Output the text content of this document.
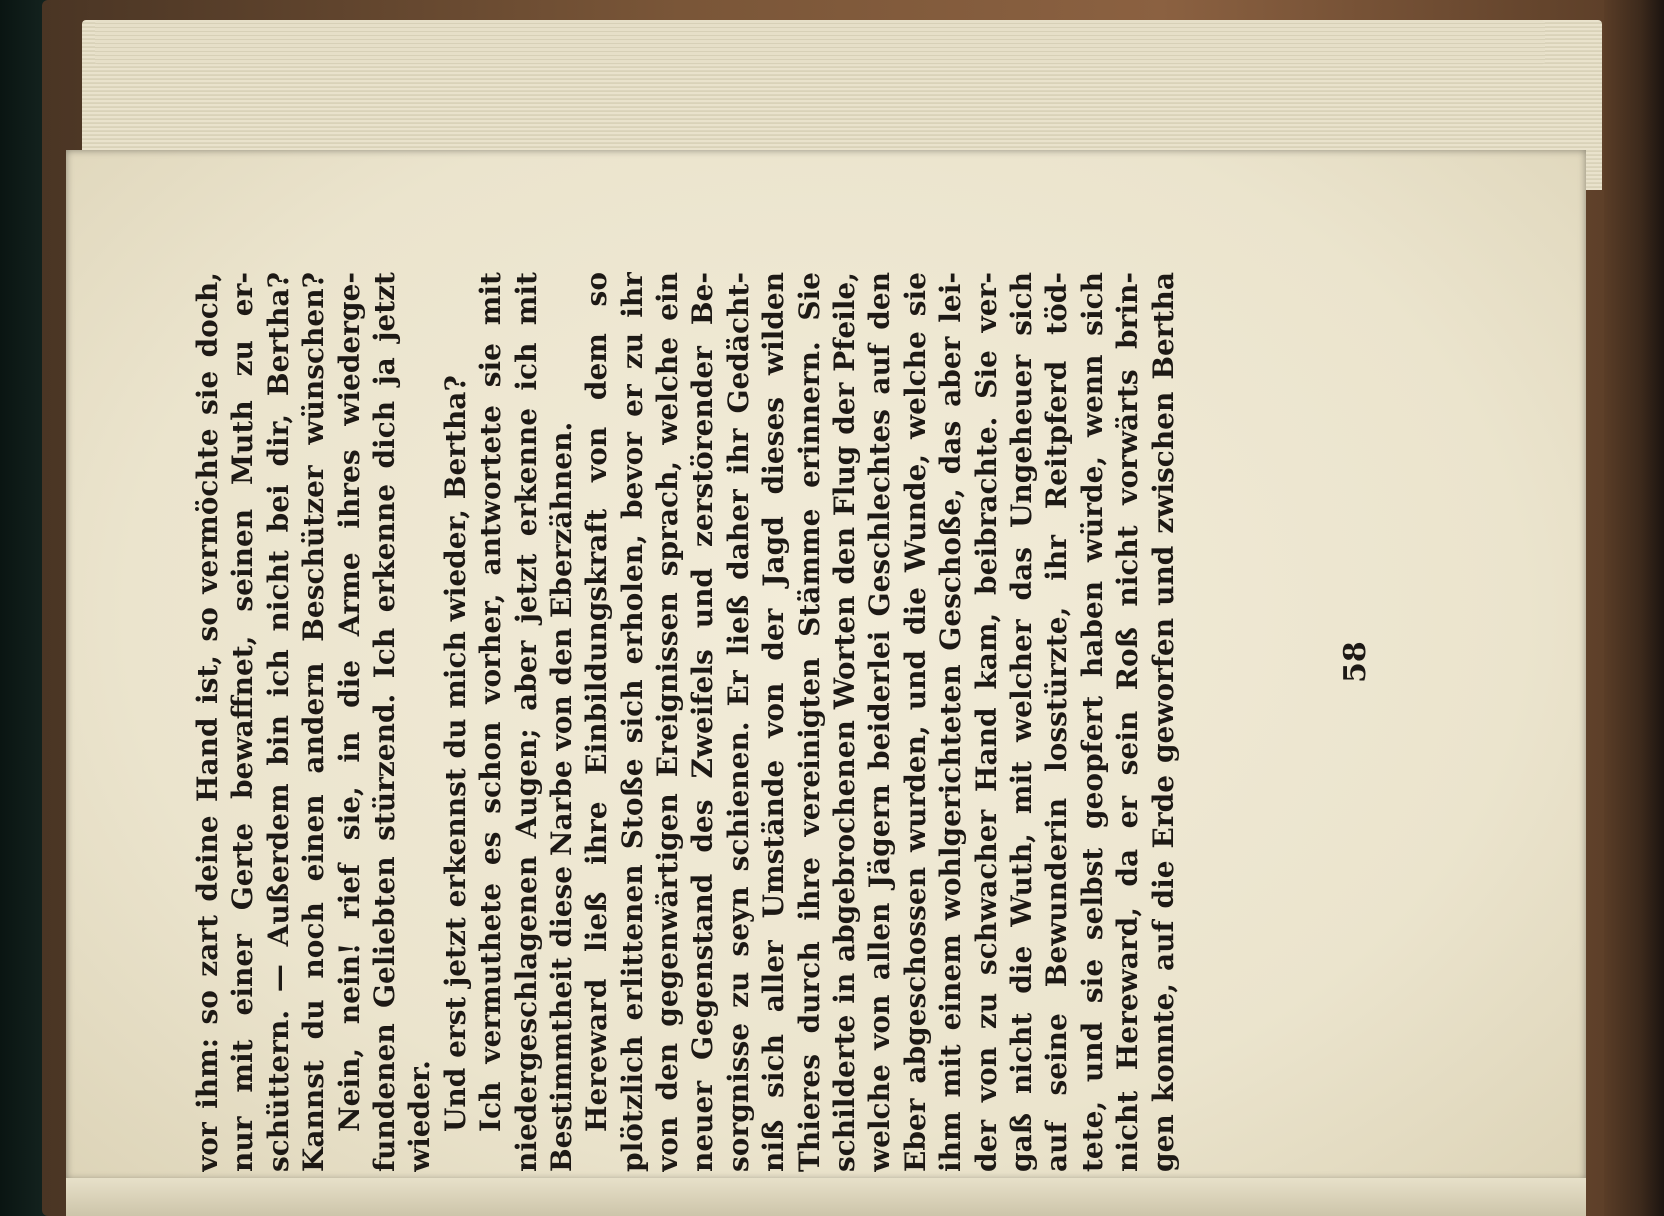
58
vor ihm: so zart deine Hand ist, so vermöchte sie doch, nur mit einer Gerte bewaffnet, seinen Muth zu er- schüttern. — Außerdem bin ich nicht bei dir, Bertha? Kannst du noch einen andern Beschützer wünschen? Nein, nein! rief sie, in die Arme ihres wiederge- fundenen Geliebten stürzend. Ich erkenne dich ja jetzt wieder. Und erst jetzt erkennst du mich wieder, Bertha? Ich vermuthete es schon vorher, antwortete sie mit niedergeschlagenen Augen; aber jetzt erkenne ich mit Bestimmtheit diese Narbe von den Eberzähnen. Hereward ließ ihre Einbildungskraft von dem so plötzlich erlittenen Stoße sich erholen, bevor er zu ihr von den gegenwärtigen Ereignissen sprach, welche ein neuer Gegenstand des Zweifels und zerstörender Be- sorgnisse zu seyn schienen. Er ließ daher ihr Gedächt- niß sich aller Umstände von der Jagd dieses wilden Thieres durch ihre vereinigten Stämme erinnern. Sie schilderte in abgebrochenen Worten den Flug der Pfeile, welche von allen Jägern beiderlei Geschlechtes auf den Eber abgeschossen wurden, und die Wunde, welche sie ihm mit einem wohlgerichteten Geschoße, das aber lei- der von zu schwacher Hand kam, beibrachte. Sie ver- gaß nicht die Wuth, mit welcher das Ungeheuer sich auf seine Bewunderin losstürzte, ihr Reitpferd töd- tete, und sie selbst geopfert haben würde, wenn sich nicht Hereward, da er sein Roß nicht vorwärts brin- gen konnte, auf die Erde geworfen und zwischen Bertha
